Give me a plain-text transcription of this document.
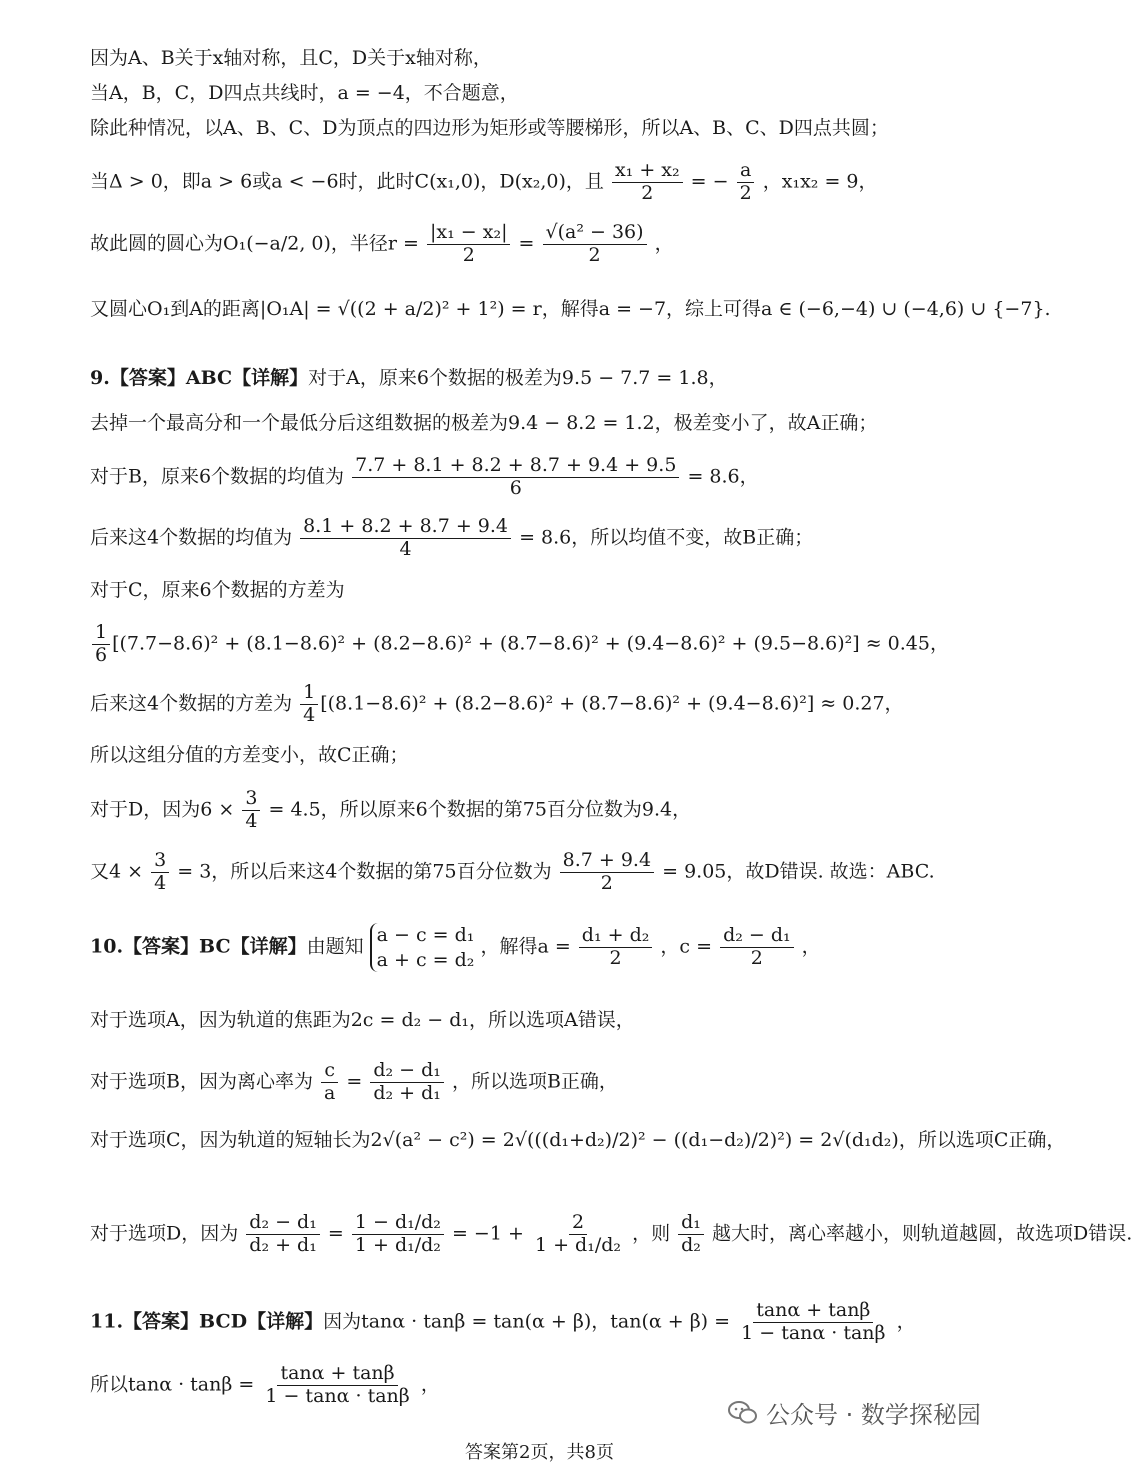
因为A、B关于x轴对称，且C，D关于x轴对称，
当A，B，C，D四点共线时，a = −4，不合题意，
除此种情况，以A、B、C、D为顶点的四边形为矩形或等腰梯形，所以A、B、C、D四点共圆；
当Δ > 0，即a > 6或a < −6时，此时C(x₁,0)，D(x₂,0)，且 $\frac{\text{x₁ + x₂}}{2}$ = − $\frac{a}{2}$ ，x₁x₂ = 9，
故此圆的圆心为O₁(−a/2, 0)，半径$r = \frac{\text{|x₁ − x₂|}}{2} = \frac{\text{√(a² − 36)}}{2}$ ，
又圆心O₁到A的距离|O₁A| = √((2 + a/2)² + 1²) = r，解得a = −7，综上可得a ∈ (−6,−4) ∪ (−4,6) ∪ {−7}.
9.【答案】ABC【详解】对于A，原来6个数据的极差为9.5 − 7.7 = 1.8，
去掉一个最高分和一个最低分后这组数据的极差为9.4 − 8.2 = 1.2，极差变小了，故A正确；
对于B，原来6个数据的均值为 $\frac{7.7 + 8.1 + 8.2 + 8.7 + 9.4 + 9.5}{6} = 8.6$，
后来这4个数据的均值为 $\frac{8.1 + 8.2 + 8.7 + 9.4}{4} = 8.6$，所以均值不变，故B正确；
对于C，原来6个数据的方差为
$\frac{1}{6} [(7.7-8.6)^2 + (8.1-8.6)^2 + (8.2-8.6)^2 + (8.7-8.6)^2 + (9.4-8.6)^2 + (9.5-8.6)^2] \approx 0.45$，
后来这4个数据的方差为 $\frac{1}{4} [(8.1-8.6)^2 + (8.2-8.6)^2 + (8.7-8.6)^2 + (9.4-8.6)^2] \approx 0.27$，
所以这组分值的方差变小，故C正确；
对于D，因为$6 \times \frac{3}{4} = 4.5$，所以原来6个数据的第75百分位数为9.4，
又$4 \times \frac{3}{4} = 3$，所以后来这4个数据的第75百分位数为 $\frac{8.7 + 9.4}{2} = 9.05$，故D错误. 故选：ABC.
10.【答案】BC【详解】由题知
a − c = d₁
a + c = d₂
，解得$a = \frac{\text{d₁ + d₂}}{2}$ ，$c = \frac{\text{d₂ − d₁}}{2}$ ，
对于选项A，因为轨道的焦距为2c = d₂ − d₁，所以选项A错误，
对于选项B，因为离心率为 $\frac{c}{a} = \frac{\text{d₂ − d₁}}{\text{d₂ + d₁}}$ ，所以选项B正确，
对于选项C，因为轨道的短轴长为2√(a² − c²) = 2√(((d₁+d₂)/2)² − ((d₁−d₂)/2)²) = 2√(d₁d₂)，所以选项C正确，
对于选项D，因为 $\frac{\text{d₂ − d₁}}{\text{d₂ + d₁}} = \frac{\text{1 − d₁/d₂}}{\text{1 + d₁/d₂}} = -1 + \frac{2}{\text{1 + d₁/d₂}}$ ，则 $\frac{\text{d₁}}{\text{d₂}}$ 越大时，离心率越小，则轨道越圆，故选项D错误.
11.【答案】BCD【详解】因为tanα · tanβ = tan(α + β)，$\tan(\alpha + \beta) = \frac{\tan\alpha + \tan\beta}{1 - \tan\alpha \cdot \tan\beta}$ ，
所以$\tan\alpha \cdot \tan\beta = \frac{\tan\alpha + \tan\beta}{1 - \tan\alpha \cdot \tan\beta}$ ，
公众号 · 数学探秘园
答案第2页，共8页
